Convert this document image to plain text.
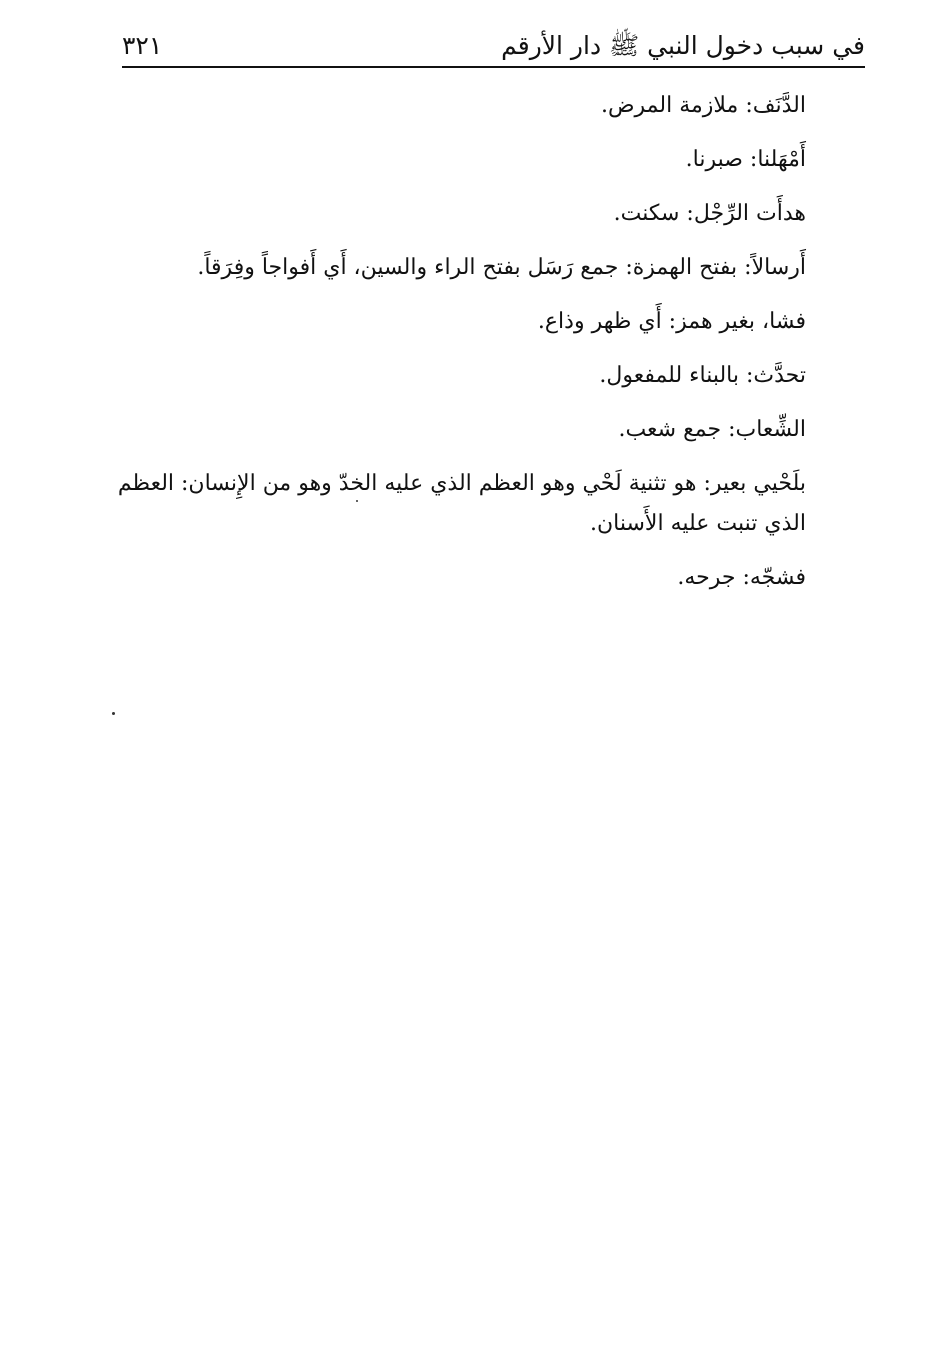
في سبب دخول النبي ﷺ دار الأرقم
٣٢١
الدَّنَف: ملازمة المرض.
أَمْهَلنا: صبرنا.
هدأَت الرِّجْل: سكنت.
أَرسالاً: بفتح الهمزة: جمع رَسَل بفتح الراء والسين، أَي أَفواجاً وفِرَقاً.
فشا، بغير همز: أَي ظهر وذاع.
تحدَّث: بالبناء للمفعول.
الشِّعاب: جمع شعب.
بلَحْيي بعير: هو تثنية لَحْي وهو العظم الذي عليه الخدّ وهو من الإِنسان: العظم الذي تنبت عليه الأَسنان.
فشجّه: جرحه.
